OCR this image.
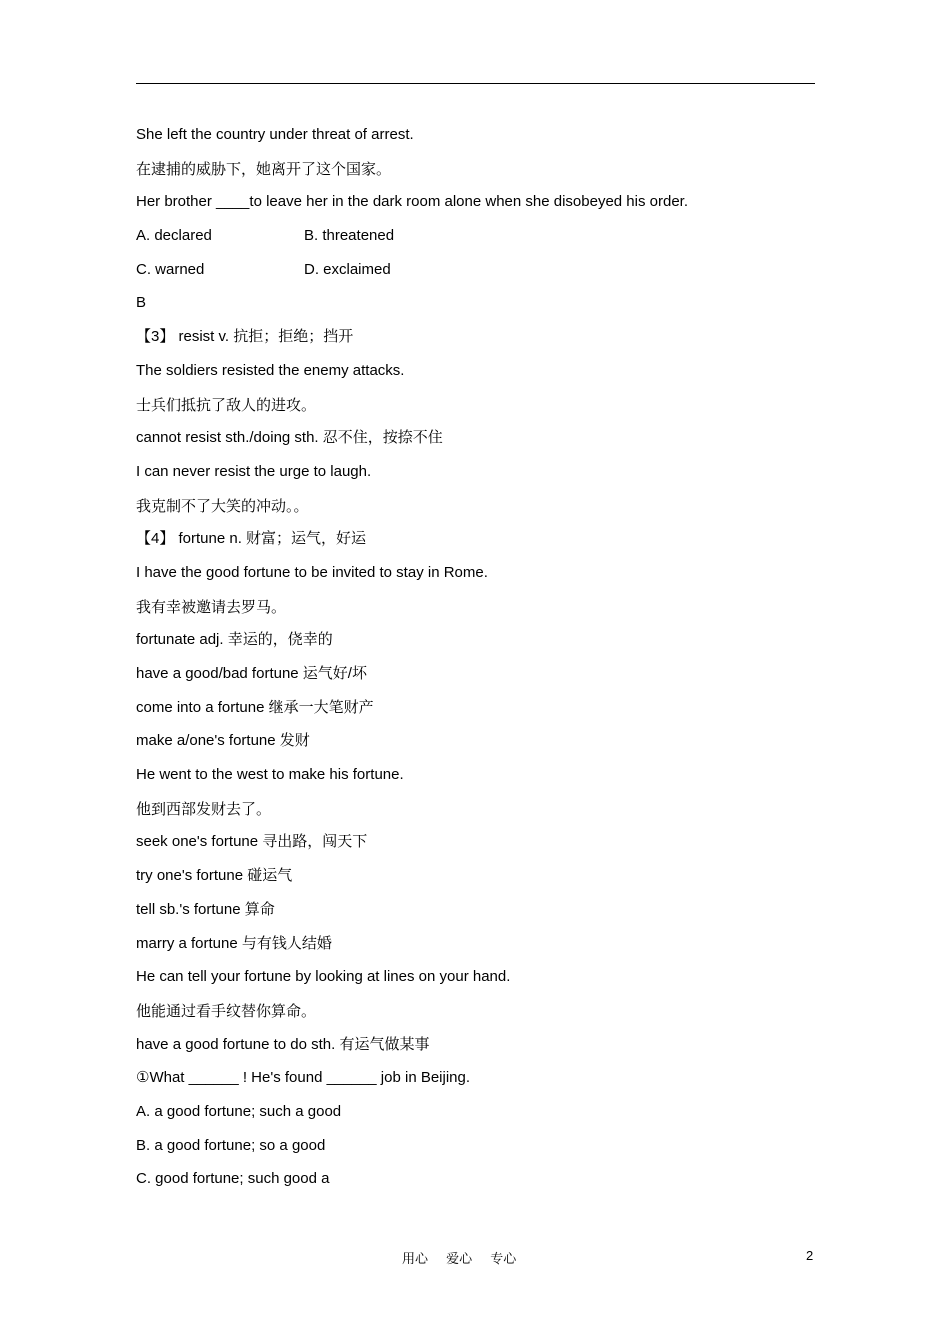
She left the country under threat of arrest.
在逮捕的威胁下，她离开了这个国家。
Her brother ____to leave her in the dark room alone when she disobeyed his order.
A. declared	B. threatened
C. warned	D. exclaimed
B
【3】 resist v. 抗拒；拒绝；挡开
The soldiers resisted the enemy attacks.
士兵们抵抗了敌人的进攻。
cannot resist sth./doing sth. 忍不住，按捺不住
I can never resist the urge to laugh.
我克制不了大笑的冲动。。
【4】 fortune n. 财富；运气，好运
I have the good fortune to be invited to stay in Rome.
我有幸被邀请去罗马。
fortunate adj. 幸运的，侥幸的
have a good/bad fortune 运气好/坏
come into a fortune 继承一大笔财产
make a/one's fortune 发财
He went to the west to make his fortune.
他到西部发财去了。
seek one's fortune 寻出路，闯天下
try one's fortune 碰运气
tell sb.'s fortune 算命
marry a fortune 与有钱人结婚
He can tell your fortune by looking at lines on your hand.
他能通过看手纹替你算命。
have a good fortune to do sth. 有运气做某事
①What ______ ! He's found ______ job in Beijing.
A. a good fortune; such a good
B. a good fortune; so a good
C. good fortune; such good a
用心 爱心 专心	2
